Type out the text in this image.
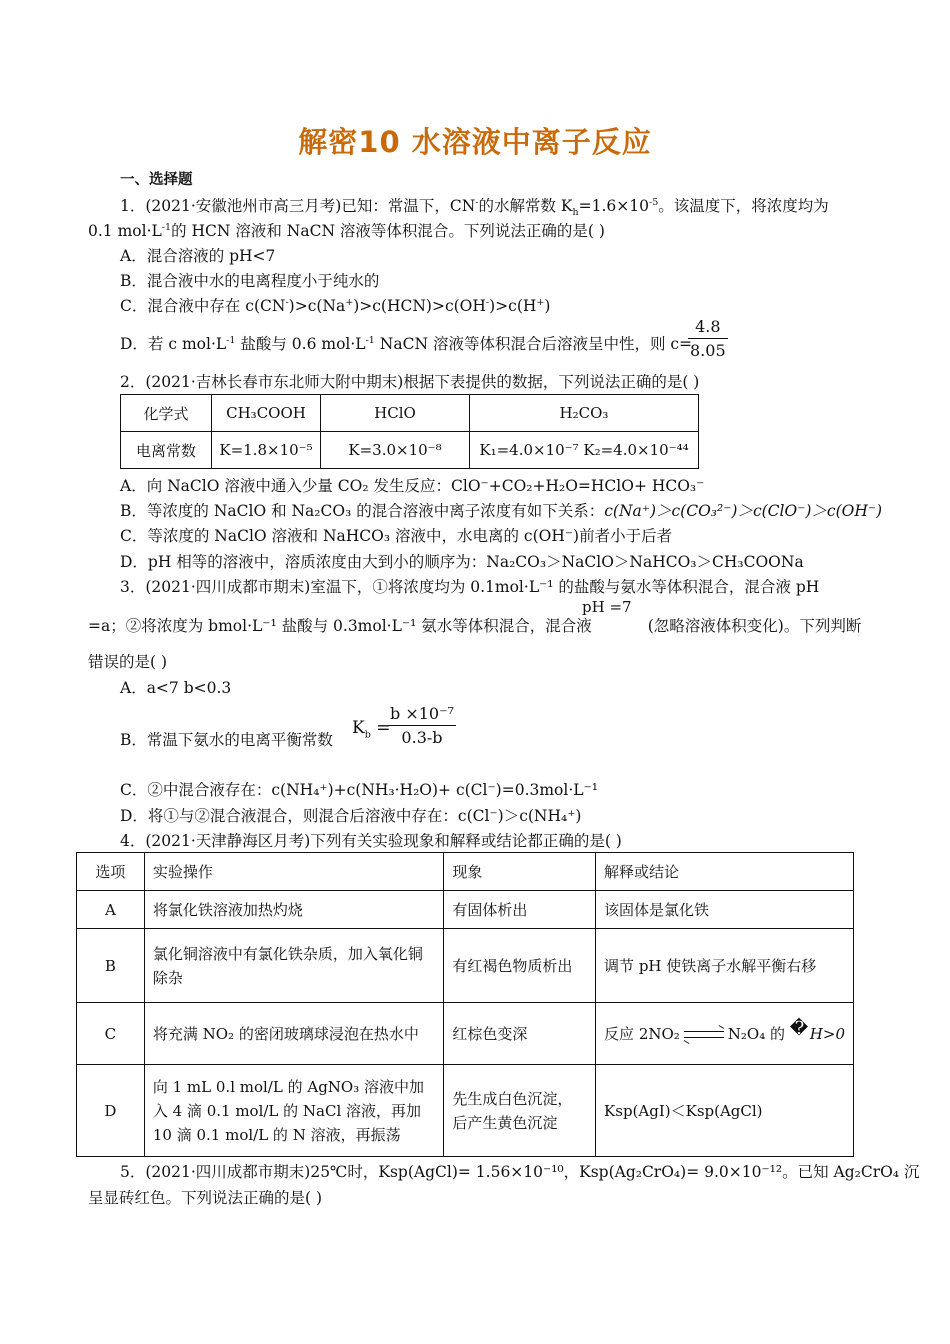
解密10 水溶液中离子反应
一、选择题
1．(2021·安徽池州市高三月考)已知：常温下，CN-的水解常数 $K_h=1.6\times 10^{-5}$。该温度下，将浓度均为
0.1 $mol\cdot L^{-1}$的 HCN 溶液和 NaCN 溶液等体积混合。下列说法正确的是( )
A．混合溶液的 pH<7
B．混合液中水的电离程度小于纯水的
C．混合液中存在 c(CN-)>c(Na+)>c(HCN)>c(OH-)>c(H+)
D．若 c $mol\cdot L^{-1}$ 盐酸与 0.6 $mol\cdot L^{-1}$ NaCN 溶液等体积混合后溶液呈中性，则 c=
$\frac{4.8}{8.05}$
2．(2021·吉林长春市东北师大附中期末)根据下表提供的数据，下列说法正确的是( )
化学式	CH₃COOH	HClO	H₂CO₃
电离常数	K=1.8×10⁻⁵	K=3.0×10⁻⁸	K₁=4.0×10⁻⁷ K₂=4.0×10⁻⁴⁴
A．向 NaClO 溶液中通入少量 CO₂ 发生反应：ClO⁻+CO₂+H₂O=HClO+ HCO₃⁻
B．等浓度的 NaClO 和 Na₂CO₃ 的混合溶液中离子浓度有如下关系：c(Na⁺)＞c(CO₃²⁻)＞c(ClO⁻)＞c(OH⁻)
C．等浓度的 NaClO 溶液和 NaHCO₃ 溶液中，水电离的 c(OH⁻)前者小于后者
D．pH 相等的溶液中，溶质浓度由大到小的顺序为：Na₂CO₃＞NaClO＞NaHCO₃＞CH₃COONa
3．(2021·四川成都市期末)室温下，①将浓度均为 0.1mol·L⁻¹ 的盐酸与氨水等体积混合，混合液 pH
pH =7
=a；②将浓度为 bmol·L⁻¹ 盐酸与 0.3mol·L⁻¹ 氨水等体积混合，混合液	(忽略溶液体积变化)。下列判断
错误的是( )
A．a<7 b<0.3
B．常温下氨水的电离平衡常数
$K_b$ =
$\frac{\text{b ×10⁻⁷}}{0.3-b}$
C．②中混合液存在：c(NH₄⁺)+c(NH₃·H₂O)+ c(Cl⁻)=0.3mol·L⁻¹
D．将①与②混合液混合，则混合后溶液中存在：c(Cl⁻)＞c(NH₄⁺)
4．(2021·天津静海区月考)下列有关实验现象和解释或结论都正确的是( )
选项	实验操作	现象	解释或结论
A	将氯化铁溶液加热灼烧	有固体析出	该固体是氯化铁
B	氯化铜溶液中有氯化铁杂质，加入氧化铜除杂	有红褐色物质析出	调节 pH 使铁离子水解平衡右移
C	将充满 NO₂ 的密闭玻璃球浸泡在热水中	红棕色变深	反应 2NO₂ N₂O₄ 的 � H>0
D	向 1 mL 0.l mol/L 的 AgNO₃ 溶液中加入 4 滴 0.1 mol/L 的 NaCl 溶液，再加 10 滴 0.1 mol/L 的 N 溶液，再振荡	先生成白色沉淀，后产生黄色沉淀	Ksp(AgI)＜Ksp(AgCl)
5．(2021·四川成都市期末)25℃时，Ksp(AgCl)= 1.56×10⁻¹⁰，Ksp(Ag₂CrO₄)= 9.0×10⁻¹²。已知 Ag₂CrO₄ 沉
呈显砖红色。下列说法正确的是( )
